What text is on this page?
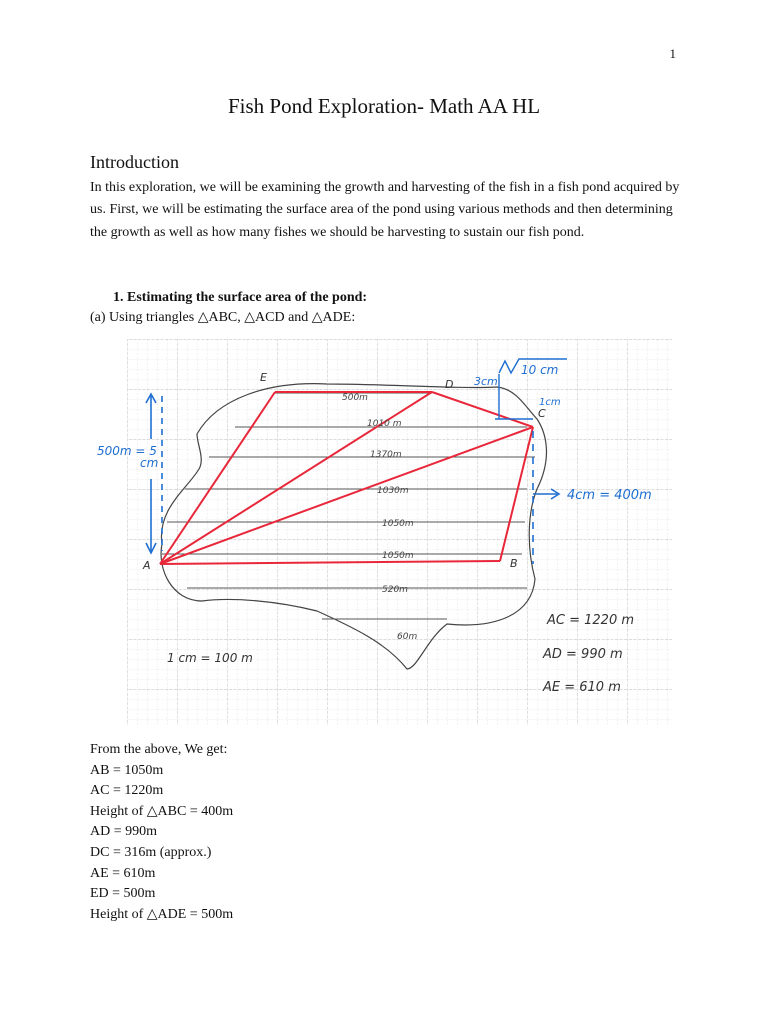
1
Fish Pond Exploration- Math AA HL
Introduction

In this exploration, we will be examining the growth and harvesting of the fish in a fish pond acquired by us. First, we will be estimating the surface area of the pond using various methods and then determining the growth as well as how many fishes we should be harvesting to sustain our fish pond.

1. Estimating the surface area of the pond:
(a) Using triangles △ABC, △ACD and △ADE:
E
D
C
A	B
500m
1010 m
1370m
1030m
1050m
1050m
520m
60m
500m = 5
cm
4cm = 400m
10 cm
3cm
1cm
1 cm = 100 m
AC = 1220 m
AD = 990 m
AE = 610 m
From the above, We get:
AB = 1050m
AC = 1220m
Height of △ABC = 400m
AD = 990m
DC = 316m (approx.)
AE = 610m
ED = 500m
Height of △ADE = 500m
